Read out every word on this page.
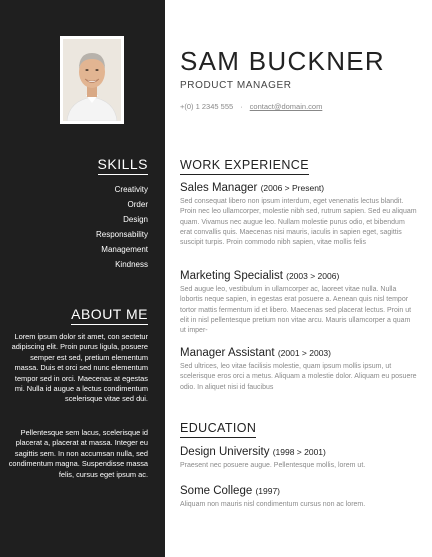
SKILLS
Creativity
Order
Design
Responsability
Management
Kindness
ABOUT ME
Lorem ipsum dolor sit amet, con sectetur adipiscing elit. Proin purus ligula, posuere semper est sed, pretium elementum massa. Duis et orci sed nunc elementum tempor sed in orci. Maecenas at egestas mi. Nulla id augue a lectus condimentum scelerisque vitae sed dui.
Pellentesque sem lacus, scelerisque id placerat a, placerat at massa. Integer eu sagittis sem. In non accumsan nulla, sed condimentum magna. Suspendisse massa felis, cursus eget ipsum ac.
SAM BUCKNER
PRODUCT MANAGER
+(0) 1 2345 555 · contact@domain.com
WORK EXPERIENCE
Sales Manager (2006 > Present)
Sed consequat libero non ipsum interdum, eget venenatis lectus blandit. Proin nec leo ullamcorper, molestie nibh sed, rutrum sapien. Sed eu aliquam quam. Vivamus nec augue leo. Nullam molestie purus odio, et bibendum erat convallis quis. Maecenas nisi mauris, iaculis in sapien eget, sagittis suscipit turpis. Proin commodo nibh sapien, vitae mollis felis
Marketing Specialist (2003 > 2006)
Sed augue leo, vestibulum in ullamcorper ac, laoreet vitae nulla. Nulla lobortis neque sapien, in egestas erat posuere a. Aenean quis nisl tempor tortor mattis fermentum id et libero. Maecenas sed placerat lectus. Proin ut elit in nisl pellentesque pretium non vitae arcu. Mauris ullamcorper a quam ut imper-
Manager Assistant (2001 > 2003)
Sed ultrices, leo vitae facilisis molestie, quam ipsum mollis ipsum, ut scelerisque eros orci a metus. Aliquam a molestie dolor. Aliquam eu posuere odio. In aliquet nisi id faucibus
EDUCATION
Design University (1998 > 2001)
Praesent nec posuere augue. Pellentesque mollis, lorem ut.
Some College (1997)
Aliquam non mauris nisl condimentum cursus non ac lorem.
